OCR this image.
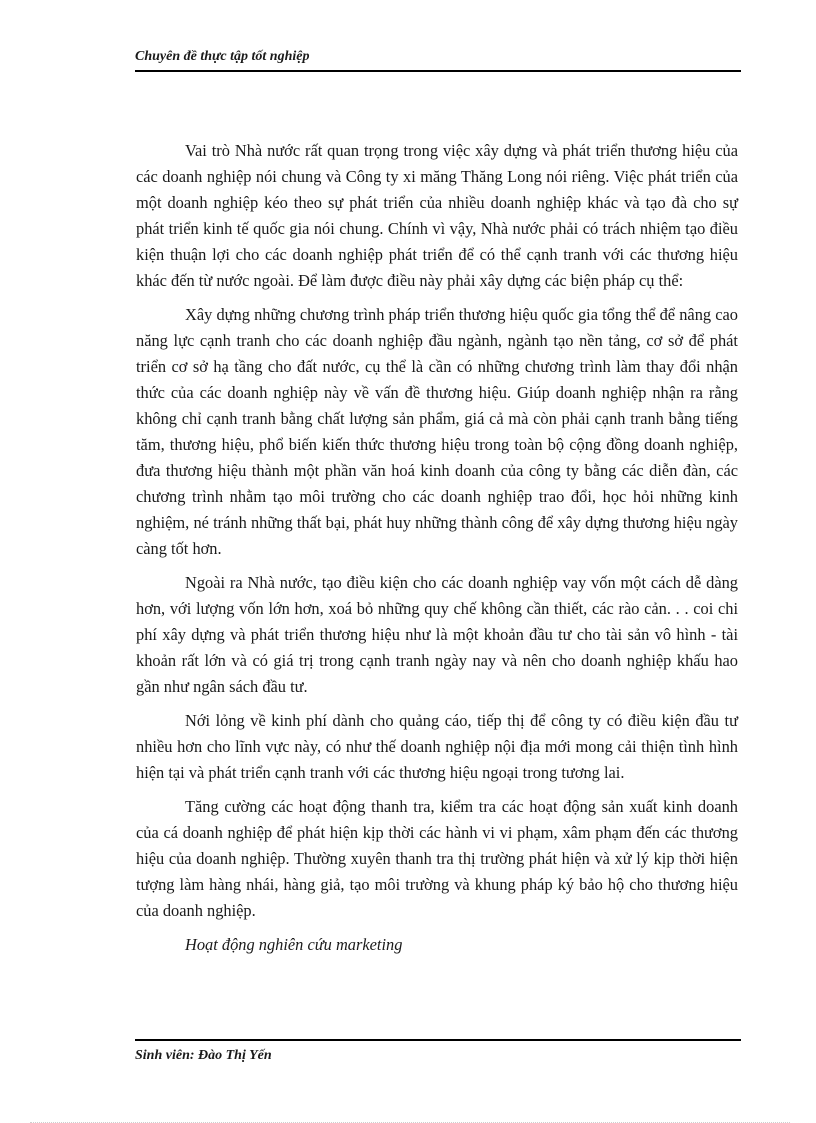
Chuyên đề thực tập tốt nghiệp

Vai trò Nhà nước rất quan trọng trong việc xây dựng và phát triển thương hiệu của các doanh nghiệp nói chung và Công ty xi măng Thăng Long nói riêng. Việc phát triển của một doanh nghiệp kéo theo sự phát triển của nhiều doanh nghiệp khác và tạo đà cho sự phát triển kinh tế quốc gia nói chung. Chính vì vậy, Nhà nước phải có trách nhiệm tạo điều kiện thuận lợi cho các doanh nghiệp phát triển để có thể cạnh tranh với các thương hiệu khác đến từ nước ngoài. Để làm được điều này phải xây dựng các biện pháp cụ thể:

Xây dựng những chương trình pháp triển thương hiệu quốc gia tổng thể để nâng cao năng lực cạnh tranh cho các doanh nghiệp đầu ngành, ngành tạo nền tảng, cơ sở để phát triển cơ sở hạ tầng cho đất nước, cụ thể là cần có những chương trình làm thay đổi nhận thức của các doanh nghiệp này về vấn đề thương hiệu. Giúp doanh nghiệp nhận ra rằng không chỉ cạnh tranh bằng chất lượng sản phẩm, giá cả mà còn phải cạnh tranh bằng tiếng tăm, thương hiệu, phổ biến kiến thức thương hiệu trong toàn bộ cộng đồng doanh nghiệp, đưa thương hiệu thành một phần văn hoá kinh doanh của công ty bằng các diễn đàn, các chương trình nhằm tạo môi trường cho các doanh nghiệp trao đổi, học hỏi những kinh nghiệm, né tránh những thất bại, phát huy những thành công để xây dựng thương hiệu ngày càng tốt hơn.

Ngoài ra Nhà nước, tạo điều kiện cho các doanh nghiệp vay vốn một cách dễ dàng hơn, với lượng vốn lớn hơn, xoá bỏ những quy chế không cần thiết, các rào cản. . . coi chi phí xây dựng và phát triển thương hiệu như là một khoản đầu tư cho tài sản vô hình - tài khoản rất lớn và có giá trị trong cạnh tranh ngày nay và nên cho doanh nghiệp khấu hao gần như ngân sách đầu tư.

Nới lỏng về kinh phí dành cho quảng cáo, tiếp thị để công ty có điều kiện đầu tư nhiều hơn cho lĩnh vực này, có như thế doanh nghiệp nội địa mới mong cải thiện tình hình hiện tại và phát triển cạnh tranh với các thương hiệu ngoại trong tương lai.

Tăng cường các hoạt động thanh tra, kiểm tra các hoạt động sản xuất kinh doanh của cá doanh nghiệp để phát hiện kịp thời các hành vi vi phạm, xâm phạm đến các thương hiệu của doanh nghiệp. Thường xuyên thanh tra thị trường phát hiện và xử lý kịp thời hiện tượng làm hàng nhái, hàng giả, tạo môi trường và khung pháp ký bảo hộ cho thương hiệu của doanh nghiệp.

Hoạt động nghiên cứu marketing

Sinh viên: Đào Thị Yến
